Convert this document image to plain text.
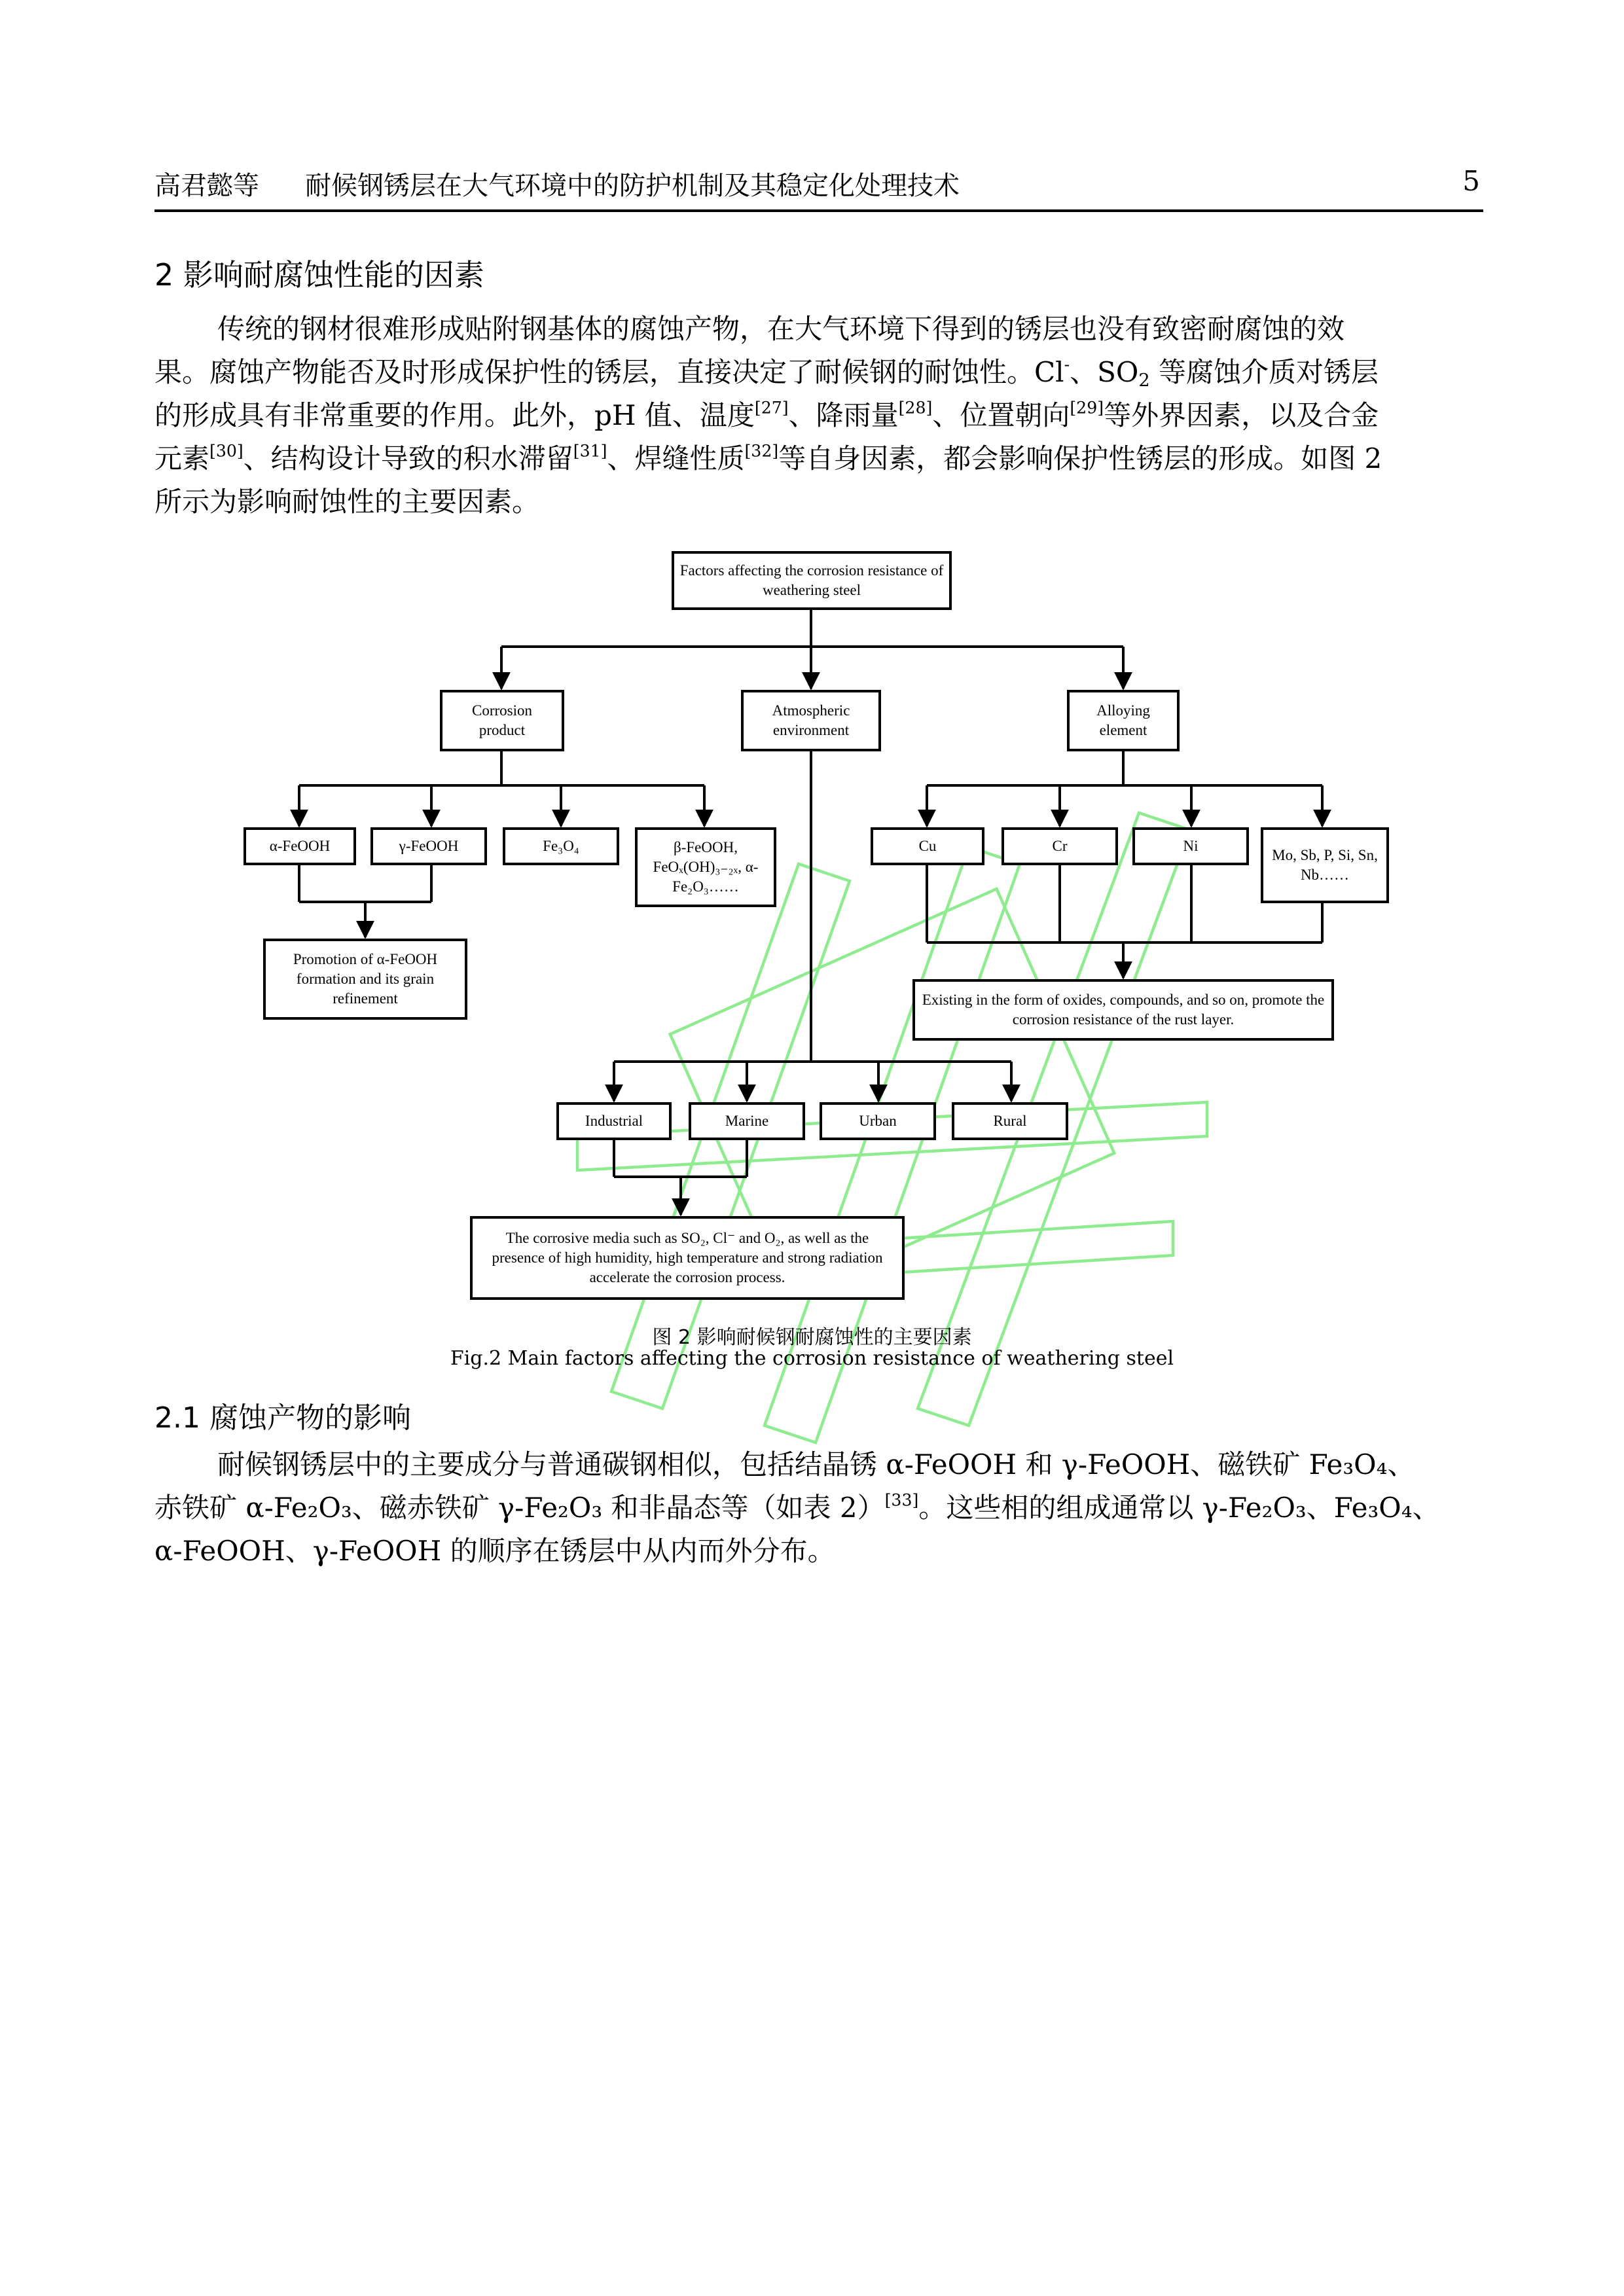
高君懿等 耐候钢锈层在大气环境中的防护机制及其稳定化处理技术	5
2 影响耐腐蚀性能的因素

传统的钢材很难形成贴附钢基体的腐蚀产物，在大气环境下得到的锈层也没有致密耐腐蚀的效

果。腐蚀产物能否及时形成保护性的锈层，直接决定了耐候钢的耐蚀性。Cl-、$SO_2$ 等腐蚀介质对锈层

的形成具有非常重要的作用。此外，pH 值、温度[27]、降雨量[28]、位置朝向[29]等外界因素，以及合金

元素[30]、结构设计导致的积水滞留[31]、焊缝性质[32]等自身因素，都会影响保护性锈层的形成。如图 2

所示为影响耐蚀性的主要因素。

Factors affecting the corrosion resistance of weathering steel
Corrosion product
Atmospheric environment
Alloying element
α-FeOOH	γ-FeOOH	Fe₃O₄	β-FeOOH, FeOₓ(OH)₃₋₂ₓ, α-Fe₂O₃……
Promotion of α-FeOOH formation and its grain refinement
Cu	Cr	Ni
Mo, Sb, P, Si, Sn, Nb……
Existing in the form of oxides, compounds, and so on, promote the corrosion resistance of the rust layer.
Industrial	Marine	Urban	Rural
The corrosive media such as SO₂, Cl⁻ and O₂, as well as the presence of high humidity, high temperature and strong radiation accelerate the corrosion process.
图 2 影响耐候钢耐腐蚀性的主要因素
Fig.2 Main factors affecting the corrosion resistance of weathering steel
2.1 腐蚀产物的影响

耐候钢锈层中的主要成分与普通碳钢相似，包括结晶锈 α-FeOOH 和 γ-FeOOH、磁铁矿 Fe₃O₄、

赤铁矿 α-Fe₂O₃、磁赤铁矿 γ-Fe₂O₃ 和非晶态等（如表 2）[33]。这些相的组成通常以 γ-Fe₂O₃、Fe₃O₄、

α-FeOOH、γ-FeOOH 的顺序在锈层中从内而外分布。
